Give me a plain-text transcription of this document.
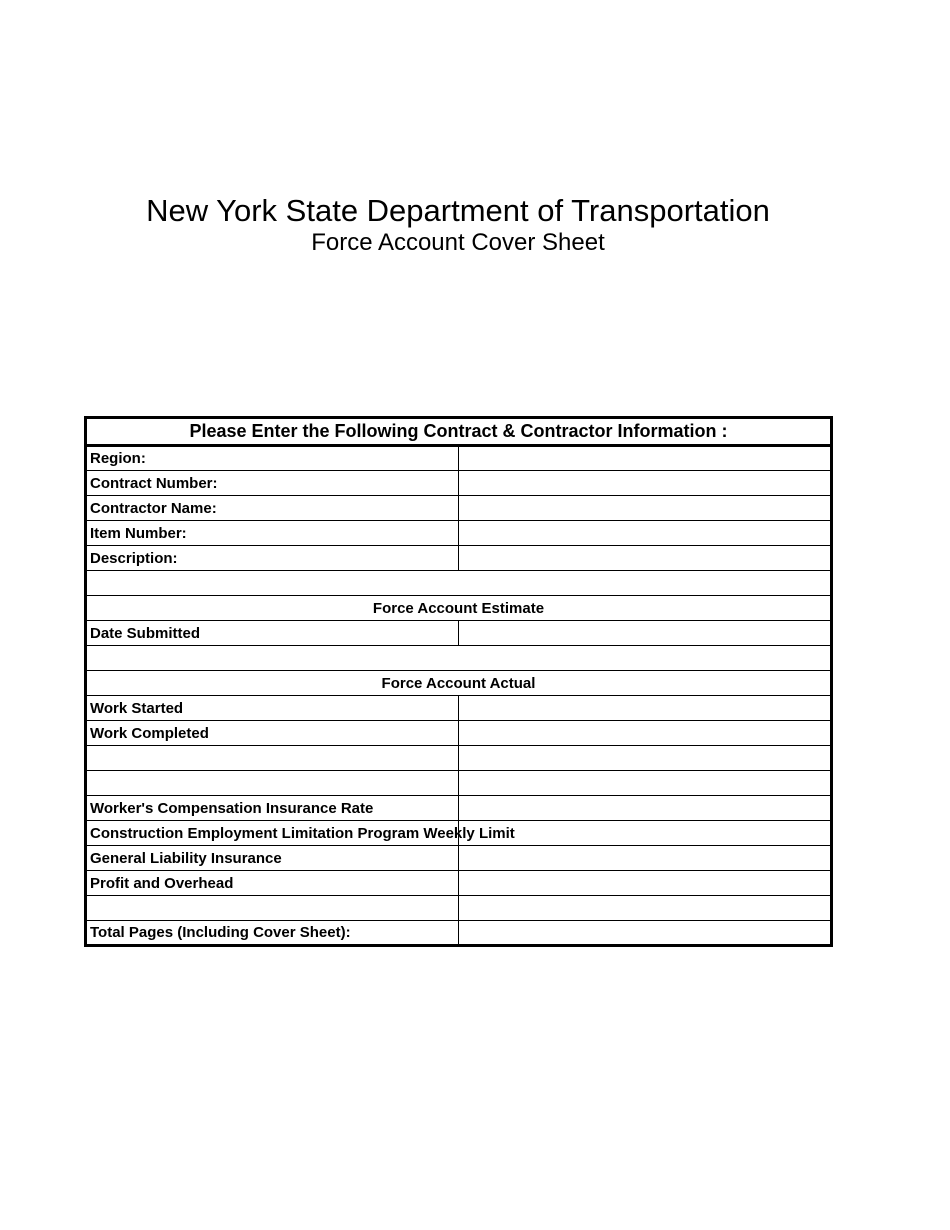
New York State Department of Transportation

Force Account Cover Sheet

Please Enter the Following Contract & Contractor Information :	
Region:	
Contract Number:	
Contractor Name:	
Item Number:	
Description:	

Force Account Estimate	
Date Submitted	

Force Account Actual	
Work Started	
Work Completed	

Worker's Compensation Insurance Rate	
Construction Employment Limitation Program Weekly Limit	
General Liability Insurance	
Profit and Overhead	

Total Pages (Including Cover Sheet):	
